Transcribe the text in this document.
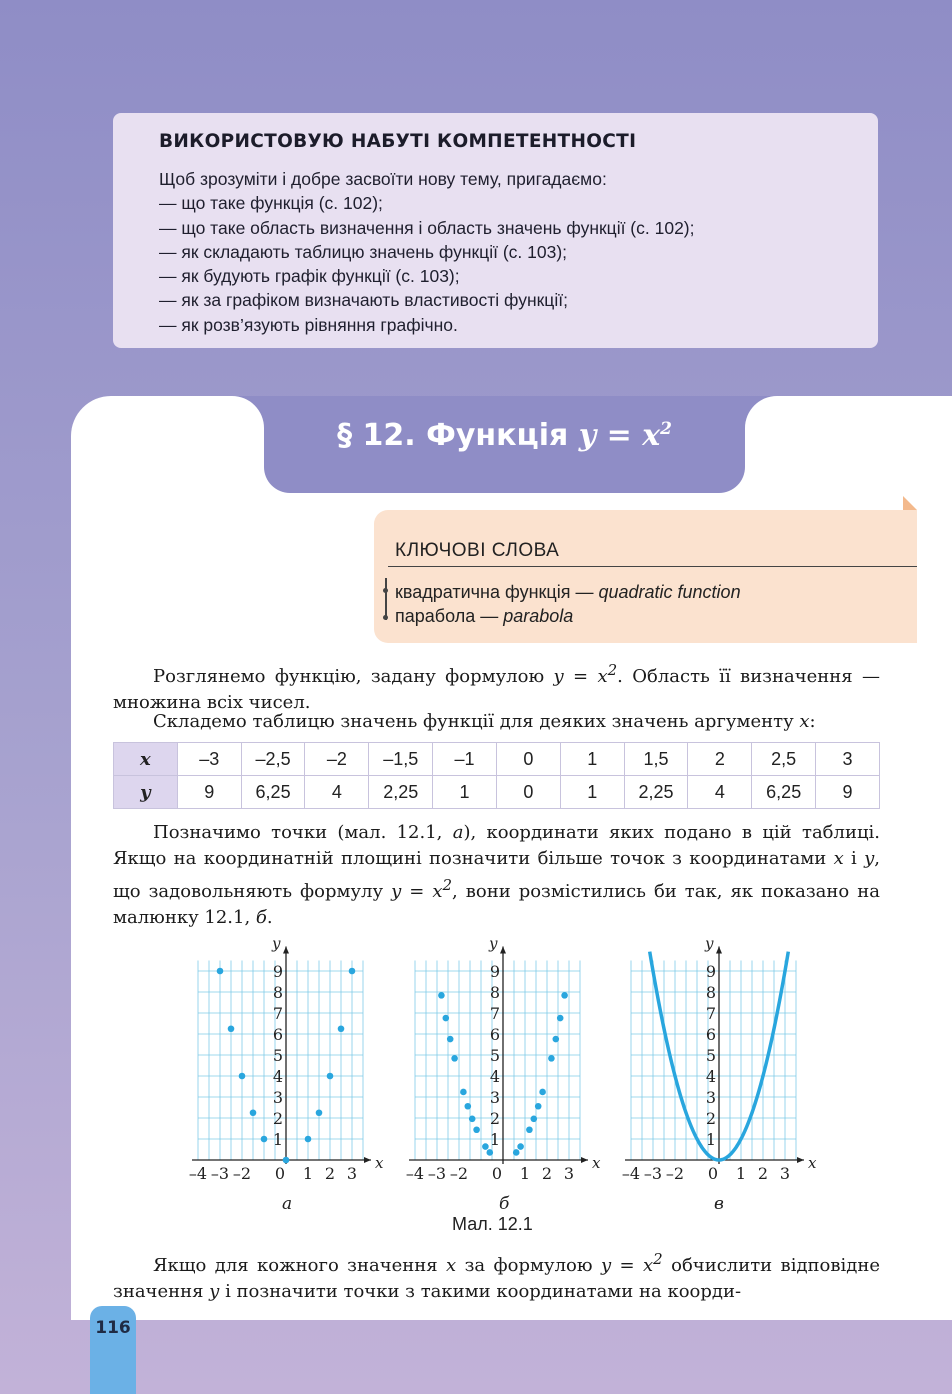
ВИКОРИСТОВУЮ НАБУТІ КОМПЕТЕНТНОСТІ
Щоб зрозуміти і добре засвоїти нову тему, пригадаємо:
— що таке функція (с. 102);
— що таке область визначення і область значень функції (с. 102);
— як складають таблицю значень функції (с. 103);
— як будують графік функції (с. 103);
— як за графіком визначають властивості функції;
— як розв’язують рівняння графічно.
§ 12. Функція $y = x^2$
КЛЮЧОВІ СЛОВА
квадратична функція — quadratic function
парабола — parabola

Розглянемо функцію, задану формулою $y = x^2$. Область її визначення — множина всіх чисел.

Складемо таблицю значень функції для деяких значень аргументу x:

x	–3	–2,5	–2	–1,5	–1	0	1	1,5	2	2,5	3
y	9	6,25	4	2,25	1	0	1	2,25	4	6,25	9

Позначимо точки (мал. 12.1, а), координати яких подано в цій таблиці. Якщо на координатній площині позначити більше точок з координатами x і y, що задовольняють формулу $y = x^2$, вони розмістились би так, як показано на малюнку 12.1, б.

1
2
3
4
5
6
7
8
9
–4 –3 –2 0 1 2 3
x
y
1
2
3
4
5
6
7
8
9
–4 –3 –2 0 1 2 3
x
y
1
2
3
4
5
6
7
8
9
–4 –3 –2 0 1 2 3
x
y
а	б	в
Мал. 12.1

Якщо для кожного значення x за формулою $y = x^2$ обчислити відповідне значення y і позначити точки з такими координатами на коорди-

116
